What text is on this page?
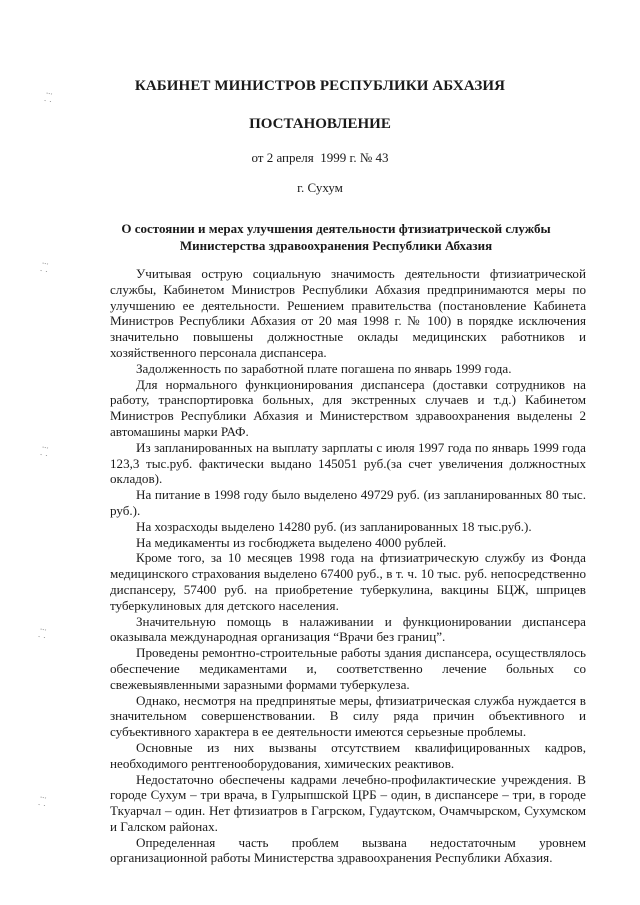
⁚ ⁝
⁚ ⁝
⁚ ⁝
⁚ ⁝
⁚ ⁝
КАБИНЕТ МИНИСТРОВ РЕСПУБЛИКИ АБХАЗИЯ
ПОСТАНОВЛЕНИЕ
от 2 апреля  1999 г. № 43
г. Сухум
О состоянии и мерах улучшения деятельности фтизиатрической службы
Министерства здравоохранения Республики Абхазия

Учитывая острую социальную значимость деятельности фтизиатрической службы, Кабинетом Министров Республики Абхазия предпринимаются меры по улучшению ее деятельности. Решением правительства (постановление Кабинета Министров Республики Абхазия от 20 мая 1998 г. № 100) в порядке исключения значительно повышены должностные оклады медицинских работников и хозяйственного персонала диспансера.

Задолженность по заработной плате погашена по январь 1999 года.

Для нормального функционирования диспансера (доставки сотрудников на работу, транспортировка больных, для экстренных случаев и т.д.) Кабинетом Министров Республики Абхазия и Министерством здравоохранения выделены 2 автомашины марки РАФ.

Из запланированных на выплату зарплаты с июля 1997 года по январь 1999 года 123,3 тыс.руб. фактически выдано 145051 руб.(за счет увеличения должностных окладов).

На питание в 1998 году было выделено 49729 руб. (из запланированных 80 тыс. руб.).

На хозрасходы выделено 14280 руб. (из запланированных 18 тыс.руб.).

На медикаменты из госбюджета выделено 4000 рублей.

Кроме того, за 10 месяцев 1998 года на фтизиатрическую службу из Фонда медицинского страхования выделено 67400 руб., в т. ч. 10 тыс. руб. непосредственно диспансеру, 57400 руб. на приобретение туберкулина, вакцины БЦЖ, шприцев туберкулиновых для детского населения.

Значительную помощь в налаживании и функционировании диспансера оказывала международная организация “Врачи без границ”.

Проведены ремонтно-строительные работы здания диспансера, осуществлялось обеспечение медикаментами и, соответственно лечение больных со свежевыявленными заразными формами туберкулеза.

Однако, несмотря на предпринятые меры, фтизиатрическая служба нуждается в значительном совершенствовании. В силу ряда причин объективного и субъективного характера в ее деятельности имеются серьезные проблемы.

Основные из них вызваны отсутствием квалифицированных кадров, необходимого рентгенооборудования, химических реактивов.

Недостаточно обеспечены кадрами лечебно-профилактические учреждения. В городе Сухум – три врача, в Гулрыпшской ЦРБ – один, в диспансере – три, в городе Ткуарчал – один. Нет фтизиатров в Гагрском, Гудаутском, Очамчырском, Сухумском и Галском районах.

Определенная часть проблем вызвана недостаточным уровнем организационной работы Министерства здравоохранения Республики Абхазия.
